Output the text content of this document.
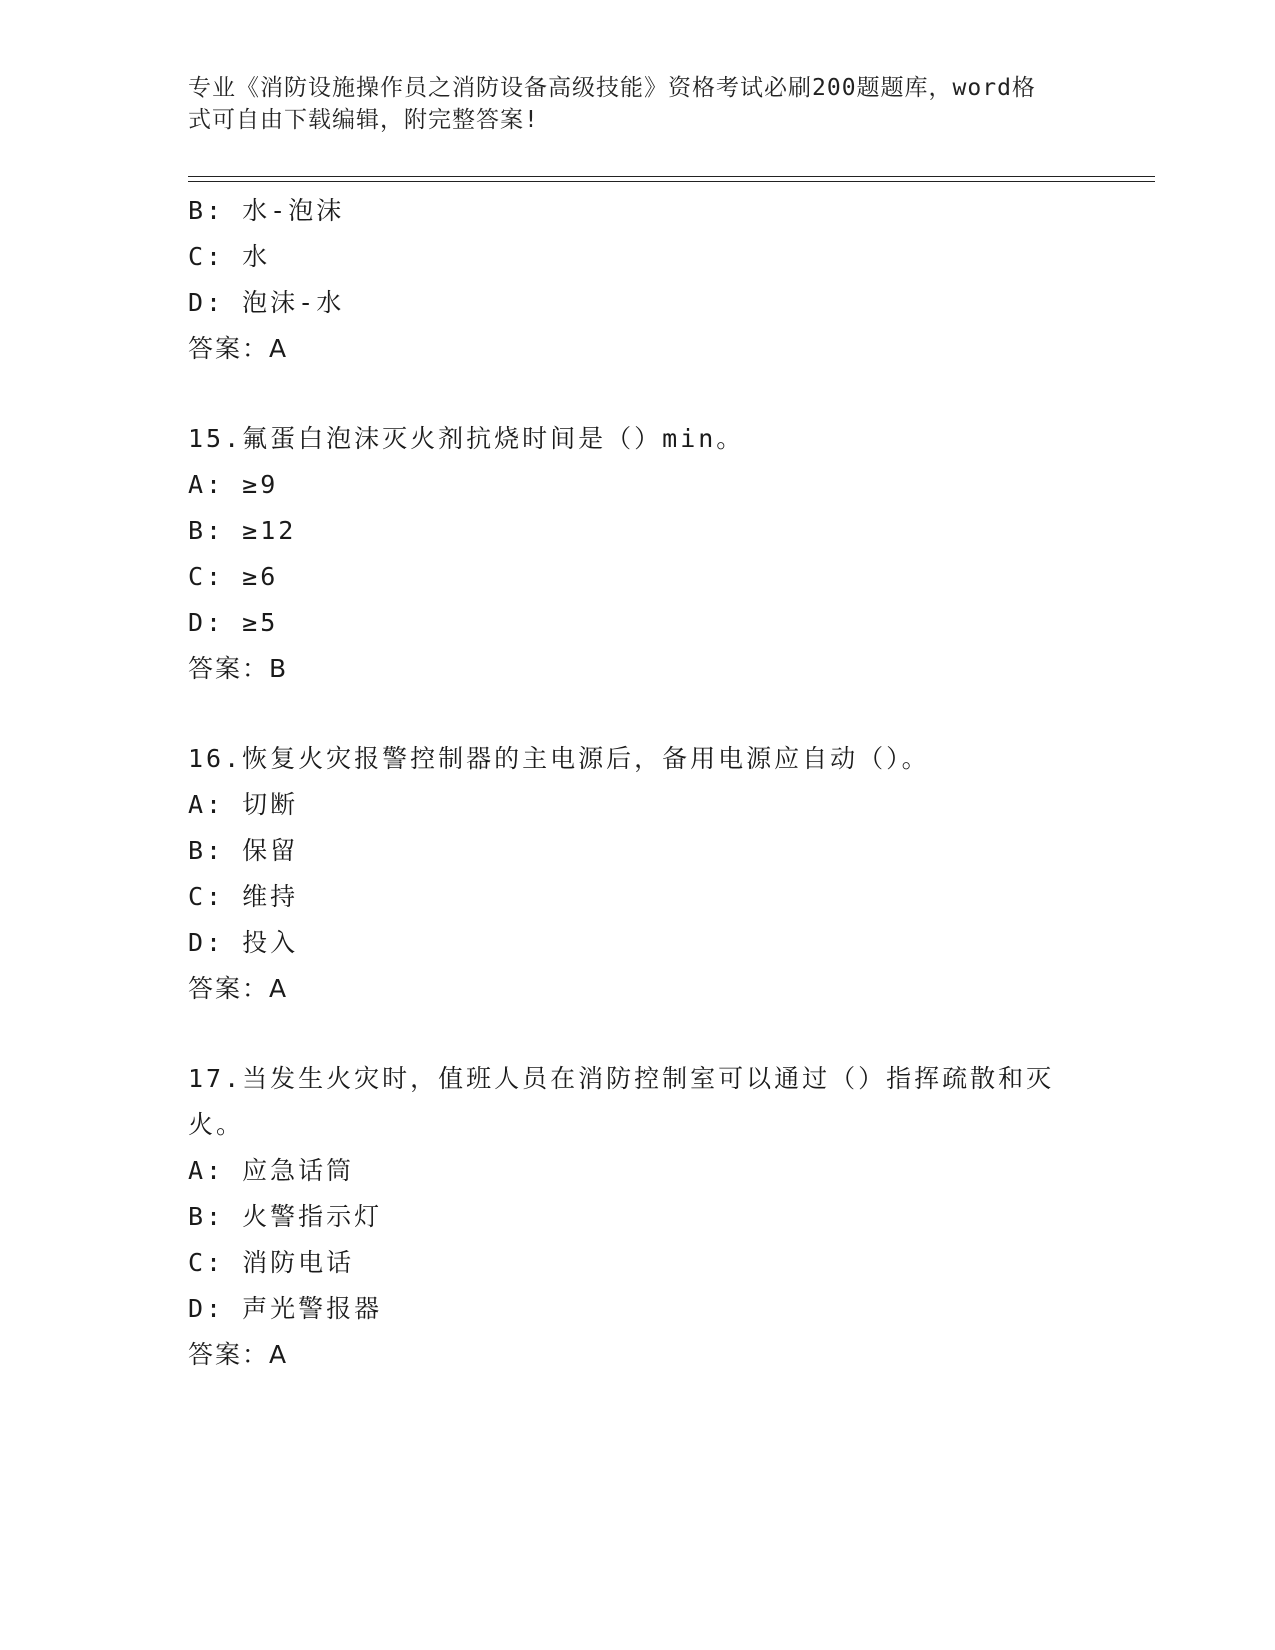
专业《消防设施操作员之消防设备高级技能》资格考试必刷200题题库，word格
式可自由下载编辑，附完整答案!
B: 水-泡沫
C: 水
D: 泡沫-水
答案：A
15.氟蛋白泡沫灭火剂抗烧时间是（）min。
A: ≥9
B: ≥12
C: ≥6
D: ≥5
答案：B
16.恢复火灾报警控制器的主电源后，备用电源应自动（）。
A: 切断
B: 保留
C: 维持
D: 投入
答案：A
17.当发生火灾时，值班人员在消防控制室可以通过（）指挥疏散和灭
火。
A: 应急话筒
B: 火警指示灯
C: 消防电话
D: 声光警报器
答案：A
